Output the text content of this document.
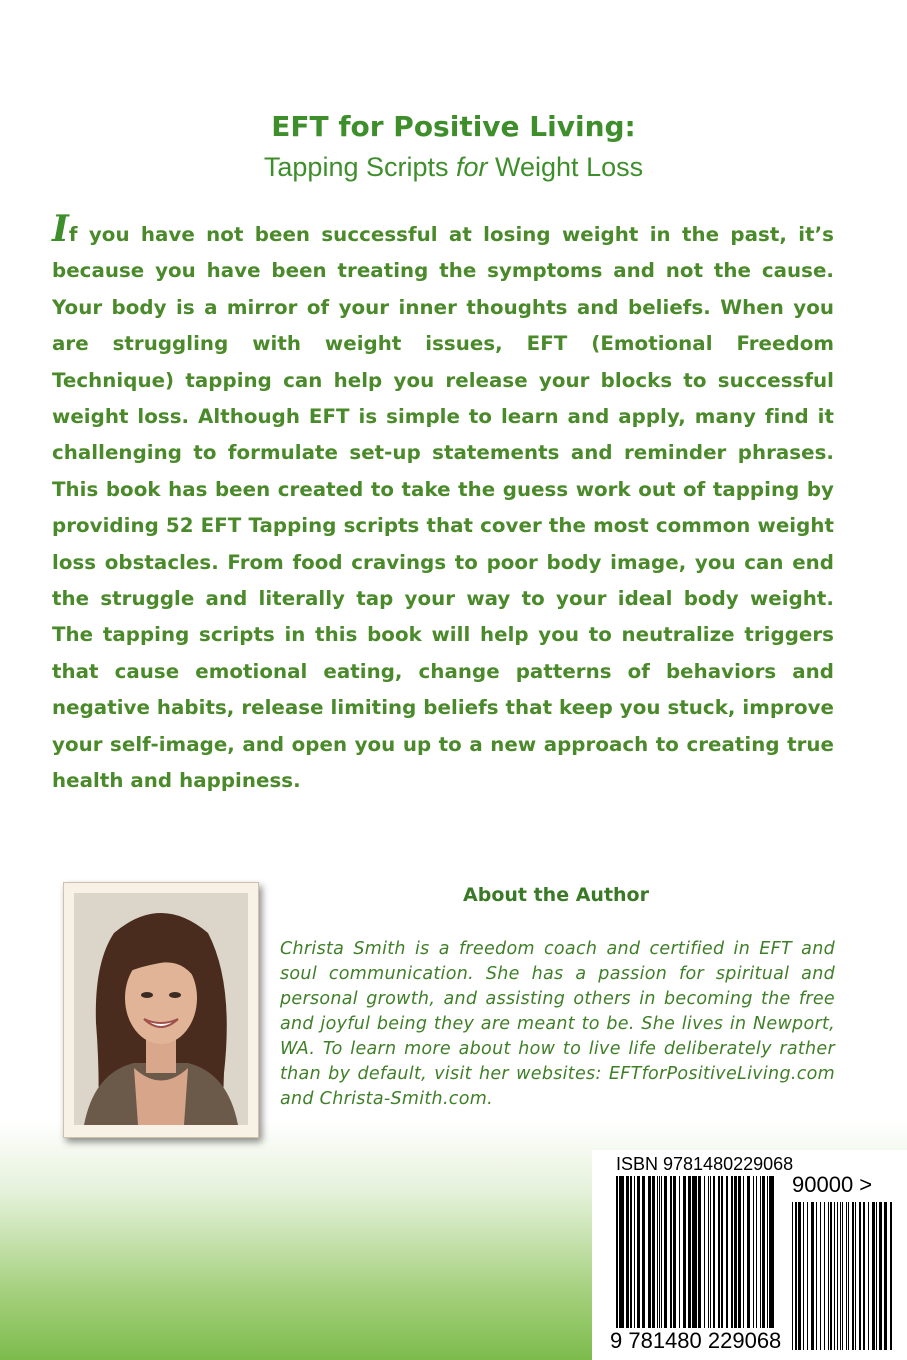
EFT for Positive Living:
Tapping Scripts for Weight Loss
If you have not been successful at losing weight in the past, it’s because you have been treating the symptoms and not the cause. Your body is a mirror of your inner thoughts and beliefs. When you are struggling with weight issues, EFT (Emotional Freedom Technique) tapping can help you release your blocks to successful weight loss. Although EFT is simple to learn and apply, many find it challenging to formulate set-up statements and reminder phrases. This book has been created to take the guess work out of tapping by providing 52 EFT Tapping scripts that cover the most common weight loss obstacles. From food cravings to poor body image, you can end the struggle and literally tap your way to your ideal body weight. The tapping scripts in this book will help you to neutralize triggers that cause emotional eating, change patterns of behaviors and negative habits, release limiting beliefs that keep you stuck, improve your self-image, and open you up to a new approach to creating true health and happiness.
About the Author
Christa Smith is a freedom coach and certified in EFT and soul communication. She has a passion for spiritual and personal growth, and assisting others in becoming the free and joyful being they are meant to be. She lives in Newport, WA. To learn more about how to live life deliberately rather than by default, visit her websites: EFTforPositiveLiving.com and Christa-Smith.com.
ISBN 9781480229068
90000 >
9 781480 229068
